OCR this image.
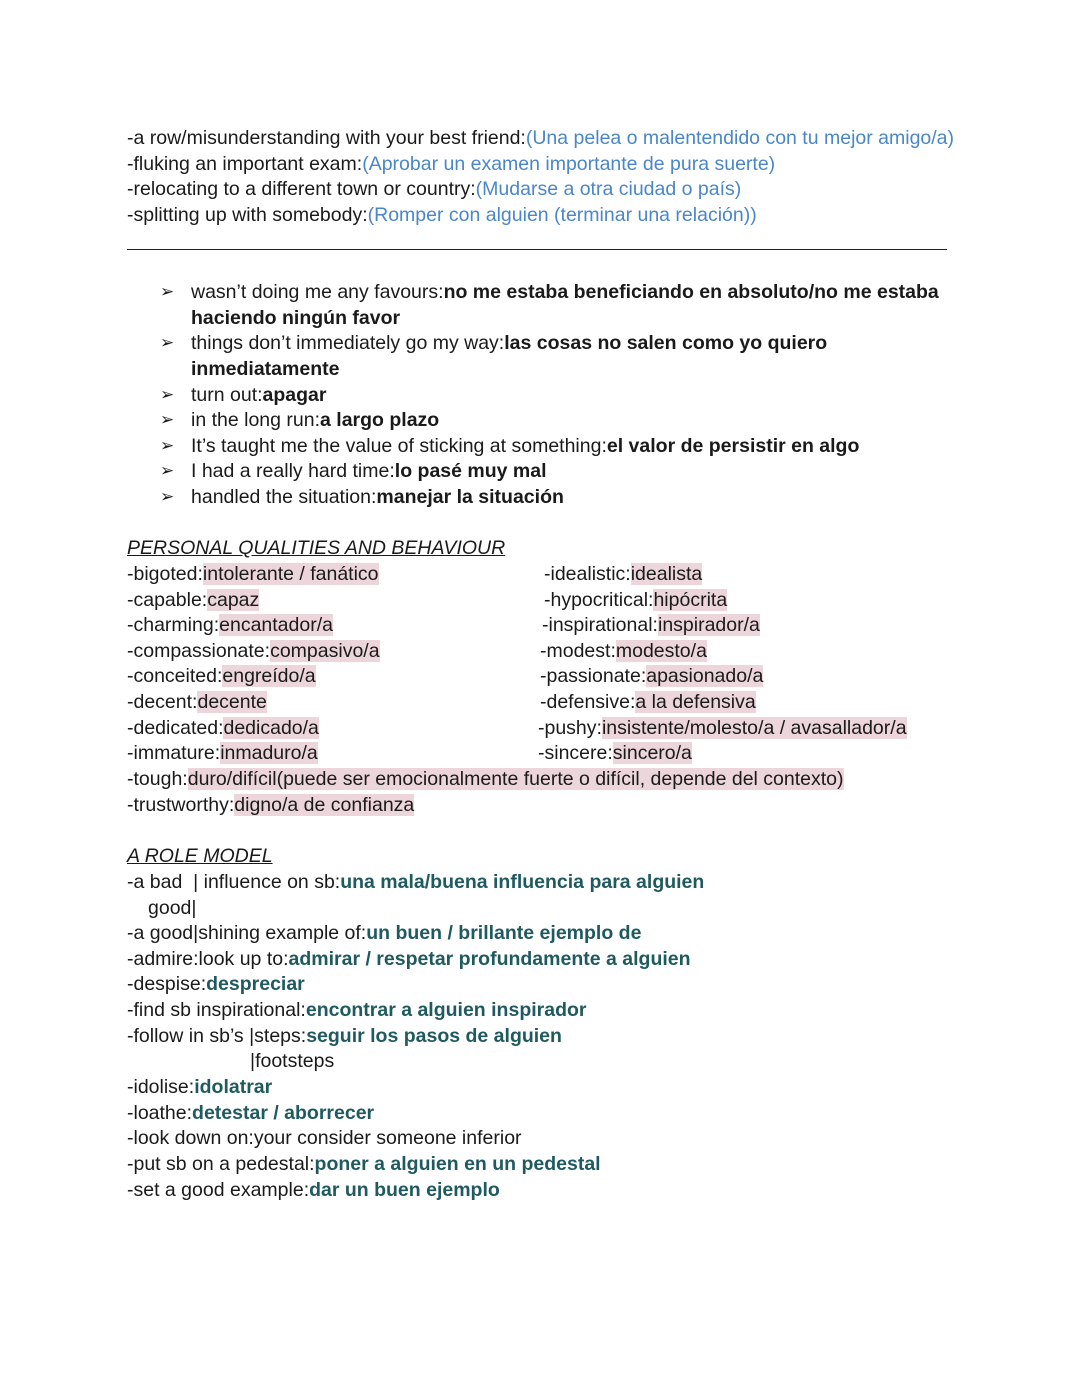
-a row/misunderstanding with your best friend:(Una pelea o malentendido con tu mejor amigo/a)
-fluking an important exam:(Aprobar un examen importante de pura suerte)
-relocating to a different town or country:(Mudarse a otra ciudad o país)
-splitting up with somebody:(Romper con alguien (terminar una relación))
➢ wasn’t doing me any favours:no me estaba beneficiando en absoluto/no me estaba haciendo ningún favor
➢ things don’t immediately go my way:las cosas no salen como yo quiero inmediatamente
➢ turn out:apagar
➢ in the long run:a largo plazo
➢ It’s taught me the value of sticking at something:el valor de persistir en algo
➢ I had a really hard time:lo pasé muy mal
➢ handled the situation:manejar la situación
PERSONAL QUALITIES AND BEHAVIOUR
-bigoted:intolerante / fanático
-capable:capaz
-charming:encantador/a
-compassionate:compasivo/a
-conceited:engreído/a
-decent:decente
-dedicated:dedicado/a
-immature:inmaduro/a
-tough:duro/difícil(puede ser emocionalmente fuerte o difícil, depende del contexto)
-trustworthy:digno/a de confianza
-idealistic:idealista
-hypocritical:hipócrita
-inspirational:inspirador/a
-modest:modesto/a
-passionate:apasionado/a
-defensive:a la defensiva
-pushy:insistente/molesto/a / avasallador/a
-sincere:sincero/a
A ROLE MODEL
-a bad  | influence on sb:una mala/buena influencia para alguien
good|
-a good|shining example of:un buen / brillante ejemplo de
-admire:look up to:admirar / respetar profundamente a alguien
-despise:despreciar
-find sb inspirational:encontrar a alguien inspirador
-follow in sb’s |steps:seguir los pasos de alguien
|footsteps
-idolise:idolatrar
-loathe:detestar / aborrecer
-look down on:your consider someone inferior
-put sb on a pedestal:poner a alguien en un pedestal
-set a good example:dar un buen ejemplo
